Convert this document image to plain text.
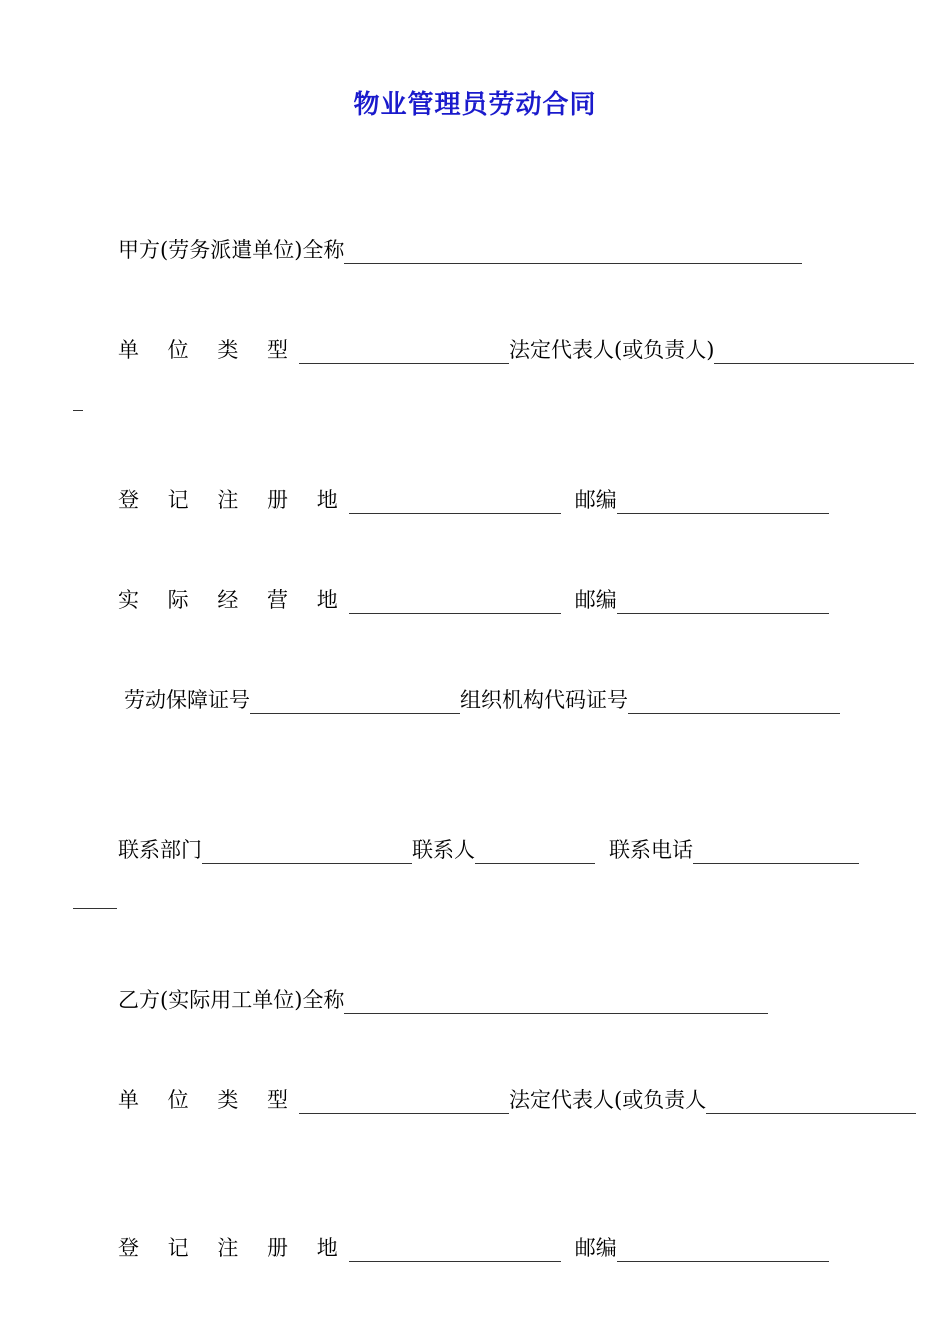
物业管理员劳动合同
甲方(劳务派遣单位)全称
单 位 类 型	法定代表人(或负责人)
登 记 注 册 地	邮编
实 际 经 营 地	邮编
劳动保障证号	组织机构代码证号
联系部门	联系人	联系电话
乙方(实际用工单位)全称
单 位 类 型	法定代表人(或负责人
登 记 注 册 地	邮编
